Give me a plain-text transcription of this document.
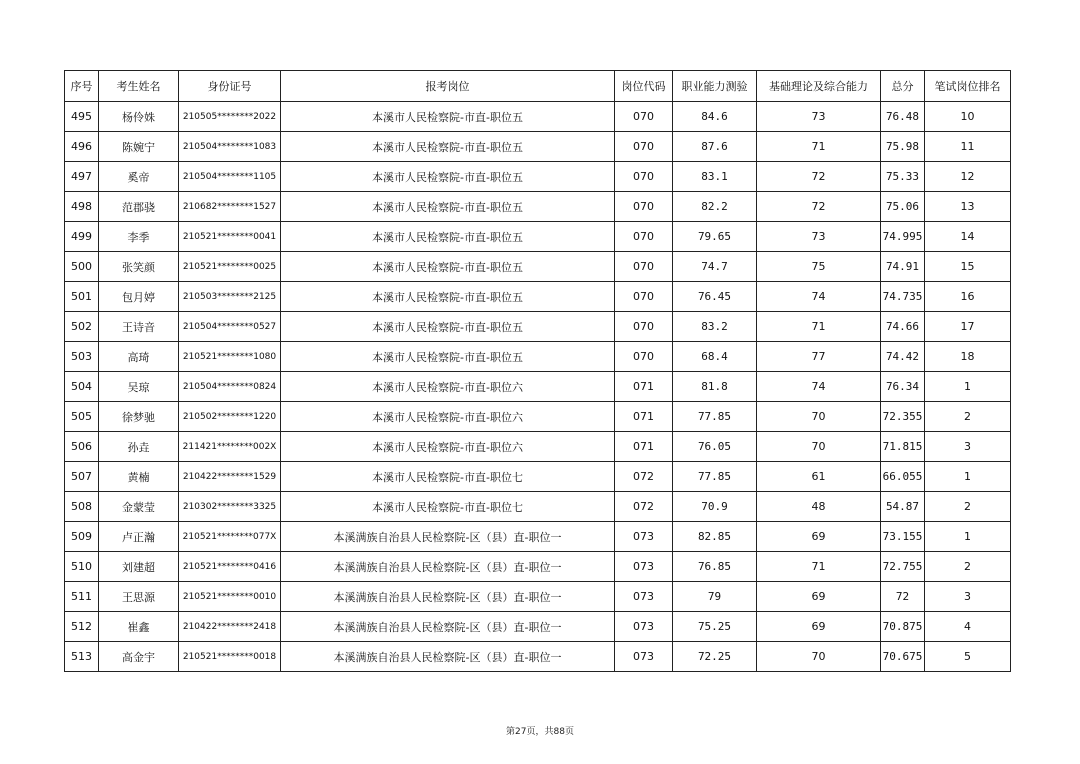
序号	考生姓名	身份证号	报考岗位	岗位代码	职业能力测验	基础理论及综合能力	总分	笔试岗位排名
495	杨伶姝	210505********2022	本溪市人民检察院-市直-职位五	070	84.6	73	76.48	10
496	陈婉宁	210504********1083	本溪市人民检察院-市直-职位五	070	87.6	71	75.98	11
497	奚帝	210504********1105	本溪市人民检察院-市直-职位五	070	83.1	72	75.33	12
498	范郡骁	210682********1527	本溪市人民检察院-市直-职位五	070	82.2	72	75.06	13
499	李季	210521********0041	本溪市人民检察院-市直-职位五	070	79.65	73	74.995	14
500	张笑颜	210521********0025	本溪市人民检察院-市直-职位五	070	74.7	75	74.91	15
501	包月婷	210503********2125	本溪市人民检察院-市直-职位五	070	76.45	74	74.735	16
502	王诗音	210504********0527	本溪市人民检察院-市直-职位五	070	83.2	71	74.66	17
503	高琦	210521********1080	本溪市人民检察院-市直-职位五	070	68.4	77	74.42	18
504	吴琼	210504********0824	本溪市人民检察院-市直-职位六	071	81.8	74	76.34	1
505	徐梦驰	210502********1220	本溪市人民检察院-市直-职位六	071	77.85	70	72.355	2
506	孙垚	211421********002X	本溪市人民检察院-市直-职位六	071	76.05	70	71.815	3
507	黄楠	210422********1529	本溪市人民检察院-市直-职位七	072	77.85	61	66.055	1
508	金蒙莹	210302********3325	本溪市人民检察院-市直-职位七	072	70.9	48	54.87	2
509	卢正瀚	210521********077X	本溪满族自治县人民检察院-区（县）直-职位一	073	82.85	69	73.155	1
510	刘建超	210521********0416	本溪满族自治县人民检察院-区（县）直-职位一	073	76.85	71	72.755	2
511	王思源	210521********0010	本溪满族自治县人民检察院-区（县）直-职位一	073	79	69	72	3
512	崔鑫	210422********2418	本溪满族自治县人民检察院-区（县）直-职位一	073	75.25	69	70.875	4
513	高金宇	210521********0018	本溪满族自治县人民检察院-区（县）直-职位一	073	72.25	70	70.675	5
第27页，共88页
